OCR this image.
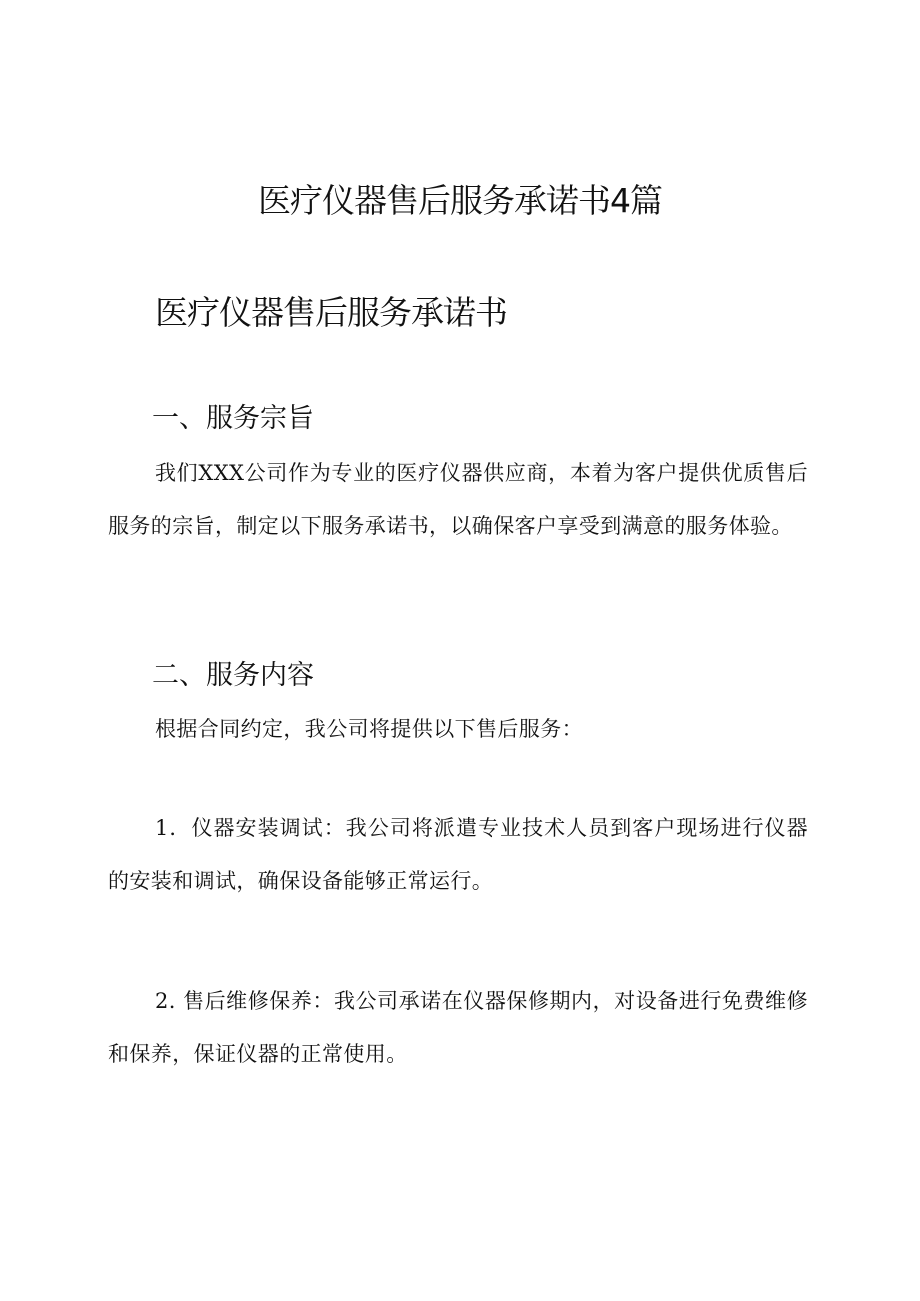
医疗仪器售后服务承诺书4篇
医疗仪器售后服务承诺书
一、服务宗旨

我们XXX公司作为专业的医疗仪器供应商，本着为客户提供优质售后服务的宗旨，制定以下服务承诺书，以确保客户享受到满意的服务体验。

二、服务内容

根据合同约定，我公司将提供以下售后服务：

1．仪器安装调试：我公司将派遣专业技术人员到客户现场进行仪器的安装和调试，确保设备能够正常运行。

2. 售后维修保养：我公司承诺在仪器保修期内，对设备进行免费维修和保养，保证仪器的正常使用。
